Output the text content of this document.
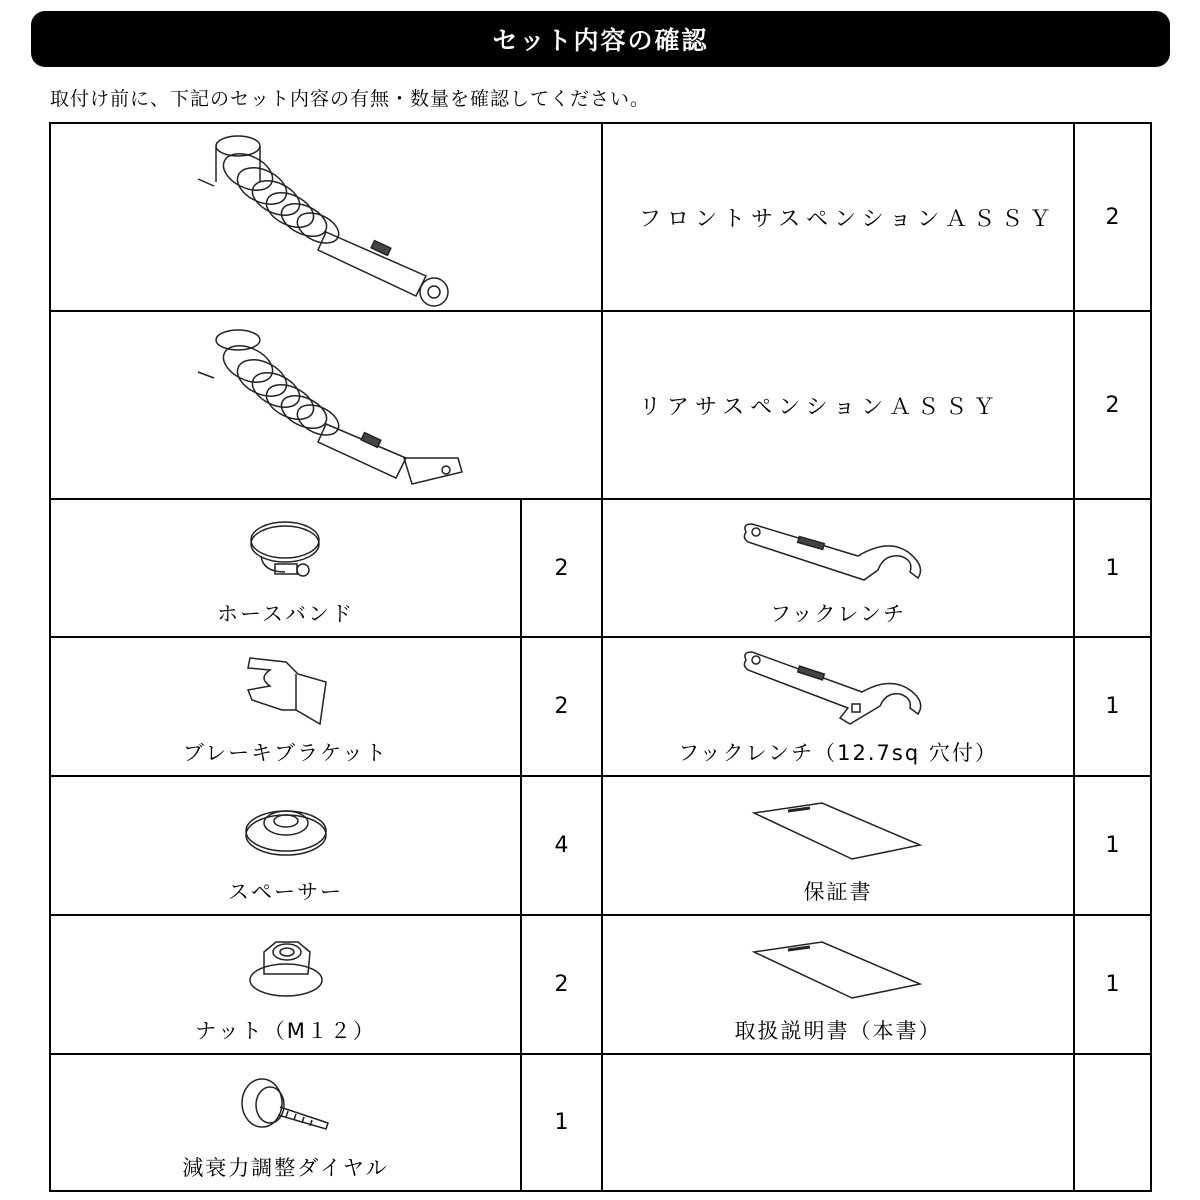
セット内容の確認
取付け前に、下記のセット内容の有無・数量を確認してください。
フロントサスペンションＡＳＳＹ 2
リアサスペンションＡＳＳＹ	2
ホースバンド
2
ブレーキブラケット
2
スペーサー
4
ナット（M１２）
2
減衰力調整ダイヤル
1
フックレンチ
1
フックレンチ（12.7sq 穴付）
1
保証書
1
取扱説明書（本書）
1
